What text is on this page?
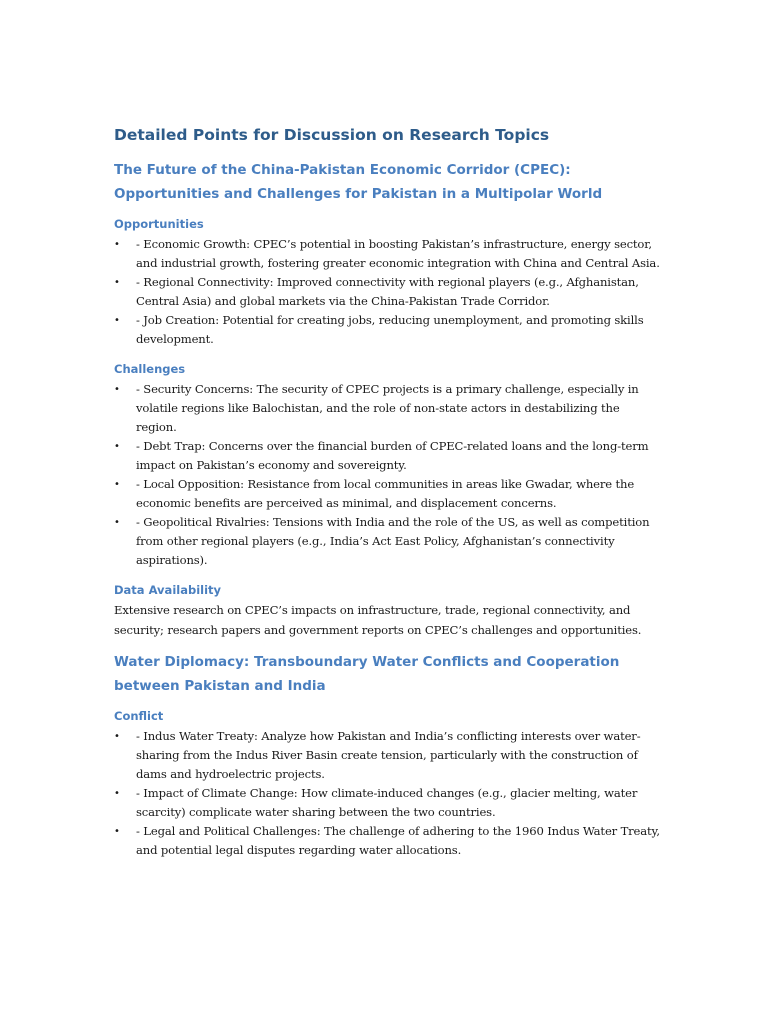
Detailed Points for Discussion on Research Topics
The Future of the China-Pakistan Economic Corridor (CPEC): Opportunities and Challenges for Pakistan in a Multipolar World
Opportunities
• - Economic Growth: CPEC’s potential in boosting Pakistan’s infrastructure, energy sector, and industrial growth, fostering greater economic integration with China and Central Asia.
• - Regional Connectivity: Improved connectivity with regional players (e.g., Afghanistan, Central Asia) and global markets via the China-Pakistan Trade Corridor.
• - Job Creation: Potential for creating jobs, reducing unemployment, and promoting skills development.
Challenges
• - Security Concerns: The security of CPEC projects is a primary challenge, especially in volatile regions like Balochistan, and the role of non-state actors in destabilizing the region.
• - Debt Trap: Concerns over the financial burden of CPEC-related loans and the long-term impact on Pakistan’s economy and sovereignty.
• - Local Opposition: Resistance from local communities in areas like Gwadar, where the economic benefits are perceived as minimal, and displacement concerns.
• - Geopolitical Rivalries: Tensions with India and the role of the US, as well as competition from other regional players (e.g., India’s Act East Policy, Afghanistan’s connectivity aspirations).
Data Availability

Extensive research on CPEC’s impacts on infrastructure, trade, regional connectivity, and security; research papers and government reports on CPEC’s challenges and opportunities.

Water Diplomacy: Transboundary Water Conflicts and Cooperation between Pakistan and India
Conflict
• - Indus Water Treaty: Analyze how Pakistan and India’s conflicting interests over water-sharing from the Indus River Basin create tension, particularly with the construction of dams and hydroelectric projects.
• - Impact of Climate Change: How climate-induced changes (e.g., glacier melting, water scarcity) complicate water sharing between the two countries.
• - Legal and Political Challenges: The challenge of adhering to the 1960 Indus Water Treaty, and potential legal disputes regarding water allocations.
